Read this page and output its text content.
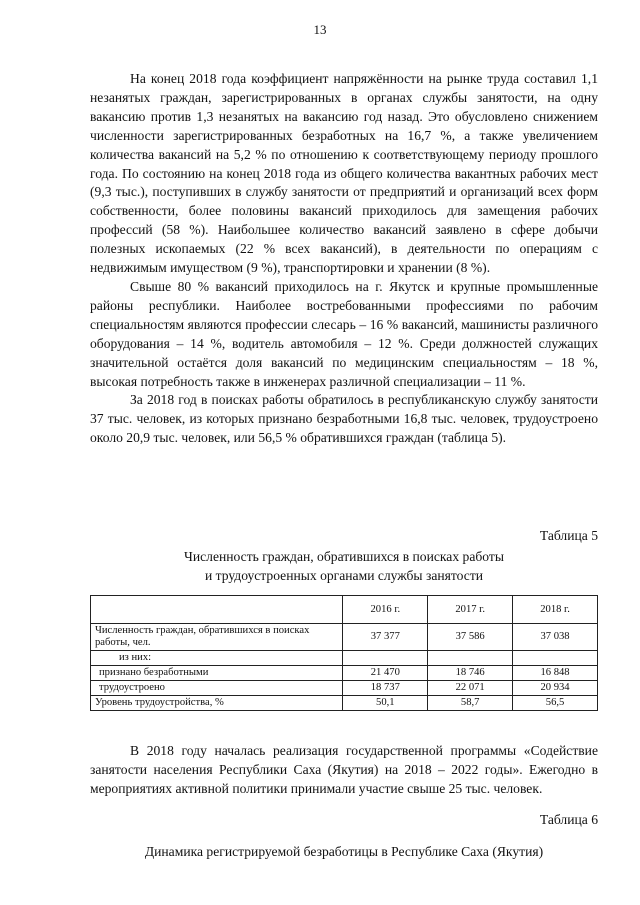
13

На конец 2018 года коэффициент напряжённости на рынке труда составил 1,1 незанятых граждан, зарегистрированных в органах службы занятости, на одну вакансию против 1,3 незанятых на вакансию год назад. Это обусловлено снижением численности зарегистрированных безработных на 16,7 %, а также увеличением количества вакансий на 5,2 % по отношению к соответствующему периоду прошлого года. По состоянию на конец 2018 года из общего количества вакантных рабочих мест (9,3 тыс.), поступивших в службу занятости от предприятий и организаций всех форм собственности, более половины вакансий приходилось для замещения рабочих профессий (58 %). Наибольшее количество вакансий заявлено в сфере добычи полезных ископаемых (22 % всех вакансий), в деятельности по операциям с недвижимым имуществом (9 %), транспортировки и хранении (8 %).

Свыше 80 % вакансий приходилось на г. Якутск и крупные промышленные районы республики. Наиболее востребованными профессиями по рабочим специальностям являются профессии слесарь – 16 % вакансий, машинисты различного оборудования – 14 %, водитель автомобиля – 12 %. Среди должностей служащих значительной остаётся доля вакансий по медицинским специальностям – 18 %, высокая потребность также в инженерах различной специализации – 11 %.

За 2018 год в поисках работы обратилось в республиканскую службу занятости 37 тыс. человек, из которых признано безработными 16,8 тыс. человек, трудоустроено около 20,9 тыс. человек, или 56,5 % обратившихся граждан (таблица 5).

Таблица 5
Численность граждан, обратившихся в поисках работы
и трудоустроенных органами службы занятости
	2016 г.	2017 г.	2018 г.
Численность граждан, обратившихся в поисках работы, чел.	37 377	37 586	37 038
из них:			
признано безработными	21 470	18 746	16 848
трудоустроено	18 737	22 071	20 934
Уровень трудоустройства, %	50,1	58,7	56,5

В 2018 году началась реализация государственной программы «Содействие занятости населения Республики Саха (Якутия) на 2018 – 2022 годы». Ежегодно в мероприятиях активной политики принимали участие свыше 25 тыс. человек.

Таблица 6
Динамика регистрируемой безработицы в Республике Саха (Якутия)
